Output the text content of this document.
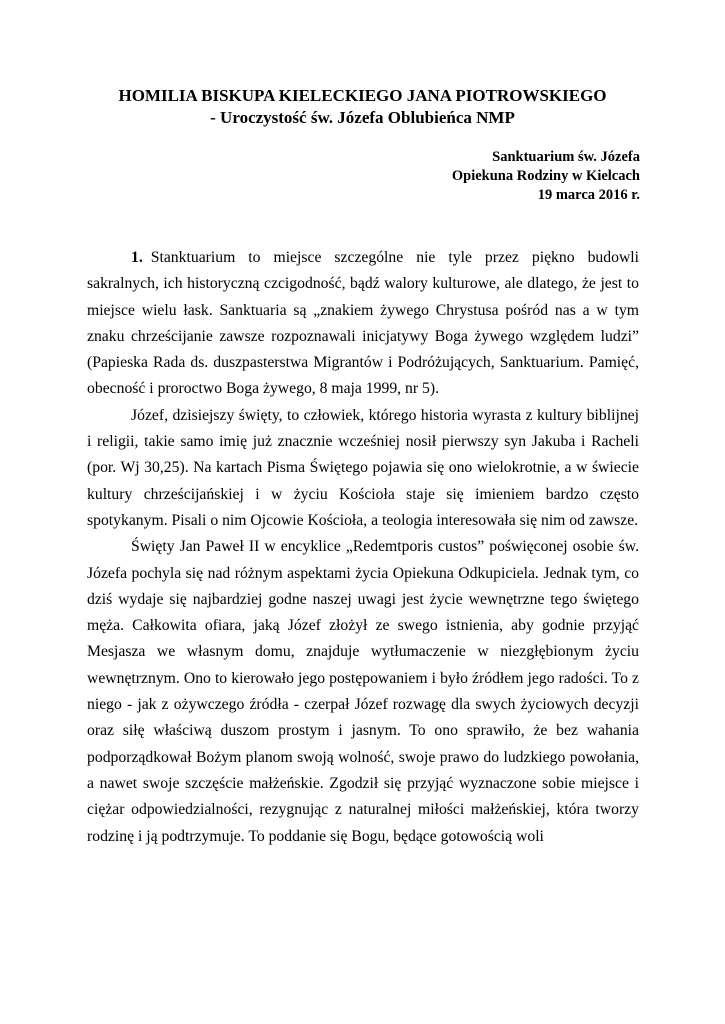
HOMILIA BISKUPA KIELECKIEGO JANA PIOTROWSKIEGO
- Uroczystość św. Józefa Oblubieńca NMP
Sanktuarium św. Józefa
Opiekuna Rodziny w Kielcach
19 marca 2016 r.

1. Stanktuarium to miejsce szczególne nie tyle przez piękno budowli sakralnych, ich historyczną czcigodność, bądź walory kulturowe, ale dlatego, że jest to miejsce wielu łask. Sanktuaria są „znakiem żywego Chrystusa pośród nas a w tym znaku chrześcijanie zawsze rozpoznawali inicjatywy Boga żywego względem ludzi” (Papieska Rada ds. duszpasterstwa Migrantów i Podróżujących, Sanktuarium. Pamięć, obecność i proroctwo Boga żywego, 8 maja 1999, nr 5).

Józef, dzisiejszy święty, to człowiek, którego historia wyrasta z kultury biblijnej i religii, takie samo imię już znacznie wcześniej nosił pierwszy syn Jakuba i Racheli (por. Wj 30,25). Na kartach Pisma Świętego pojawia się ono wielokrotnie, a w świecie kultury chrześcijańskiej i w życiu Kościoła staje się imieniem bardzo często spotykanym. Pisali o nim Ojcowie Kościoła, a teologia interesowała się nim od zawsze.

Święty Jan Paweł II w encyklice „Redemtporis custos” poświęconej osobie św. Józefa pochyla się nad różnym aspektami życia Opiekuna Odkupiciela. Jednak tym, co dziś wydaje się najbardziej godne naszej uwagi jest życie wewnętrzne tego świętego męża. Całkowita ofiara, jaką Józef złożył ze swego istnienia, aby godnie przyjąć Mesjasza we własnym domu, znajduje wytłumaczenie w niezgłębionym życiu wewnętrznym. Ono to kierowało jego postępowaniem i było źródłem jego radości. To z niego - jak z ożywczego źródła - czerpał Józef rozwagę dla swych życiowych decyzji oraz siłę właściwą duszom prostym i jasnym. To ono sprawiło, że bez wahania podporządkował Bożym planom swoją wolność, swoje prawo do ludzkiego powołania, a nawet swoje szczęście małżeńskie. Zgodził się przyjąć wyznaczone sobie miejsce i ciężar odpowiedzialności, rezygnując z naturalnej miłości małżeńskiej, która tworzy rodzinę i ją podtrzymuje. To poddanie się Bogu, będące gotowością woli
